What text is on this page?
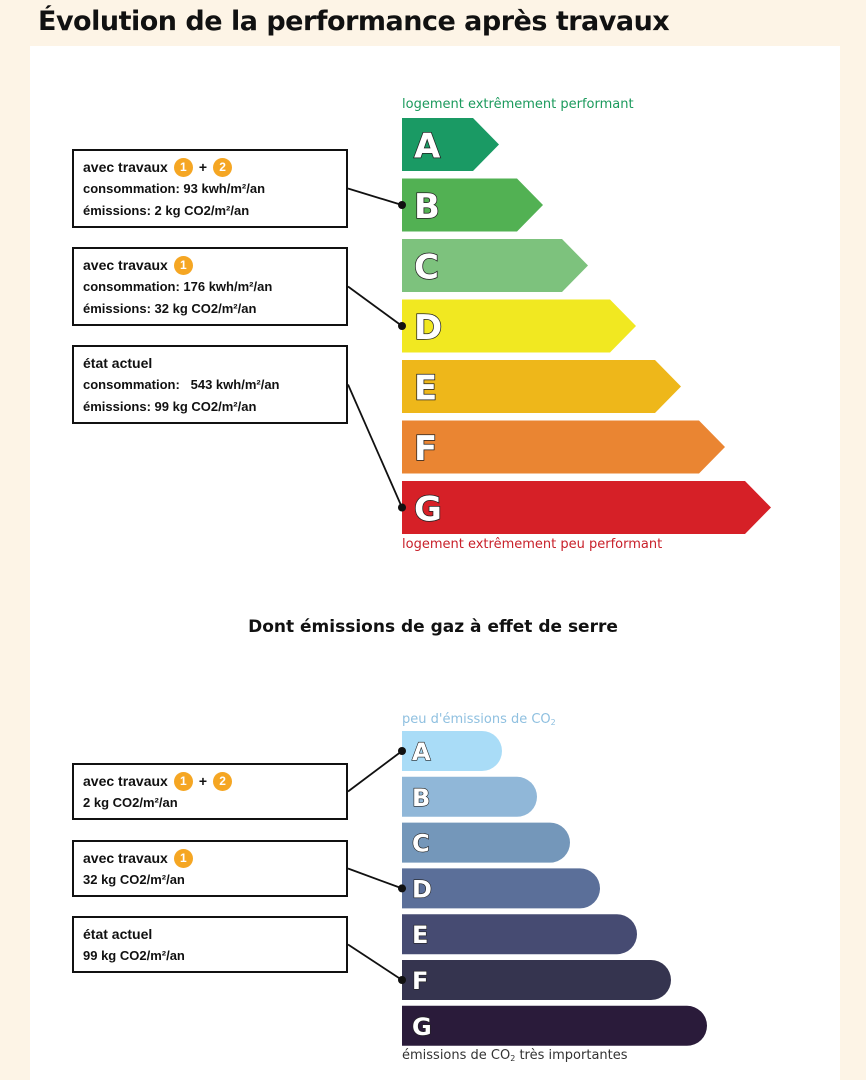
Évolution de la performance après travaux
A
B
C
D
E
F
G
A
B
C
D
E
F
G
logement extrêmement performant
logement extrêmement peu performant
avec travaux	1 +	2
consommation: 93 kwh/m²/an
émissions: 2 kg CO2/m²/an
avec travaux	1
consommation: 176 kwh/m²/an
émissions: 32 kg CO2/m²/an
état actuel
consommation:   543 kwh/m²/an
émissions: 99 kg CO2/m²/an
Dont émissions de gaz à effet de serre
peu d'émissions de $CO_2$
émissions de $CO_2$ très importantes
avec travaux	1 +	2
2 kg CO2/m²/an
avec travaux	1
32 kg CO2/m²/an
état actuel
99 kg CO2/m²/an
